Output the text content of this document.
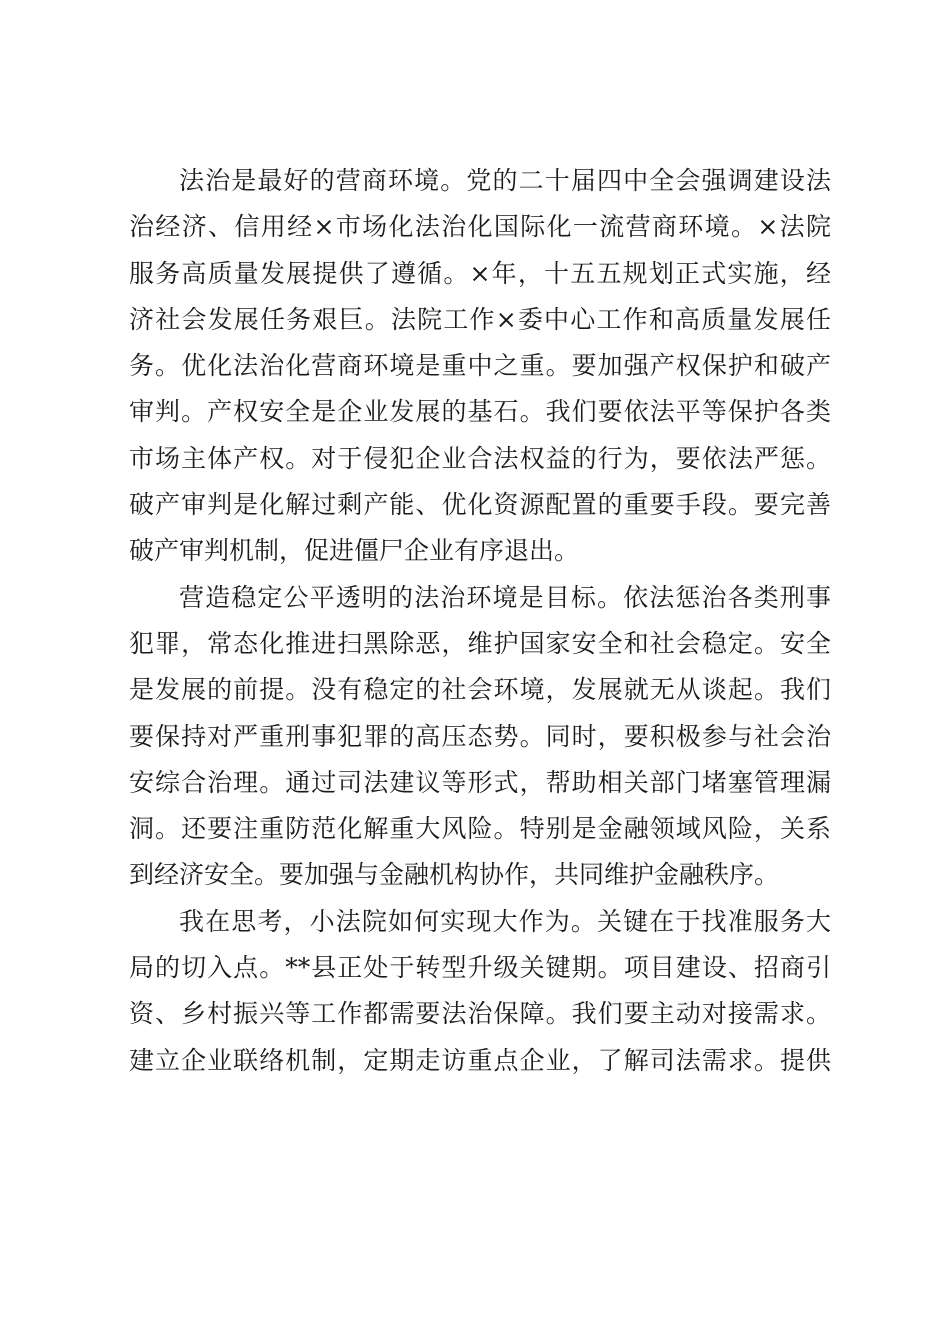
法治是最好的营商环境。党的二十届四中全会强调建设法
治经济、信用经×市场化法治化国际化一流营商环境。×法院
服务高质量发展提供了遵循。×年，十五五规划正式实施，经
济社会发展任务艰巨。法院工作×委中心工作和高质量发展任
务。优化法治化营商环境是重中之重。要加强产权保护和破产
审判。产权安全是企业发展的基石。我们要依法平等保护各类
市场主体产权。对于侵犯企业合法权益的行为，要依法严惩。
破产审判是化解过剩产能、优化资源配置的重要手段。要完善
破产审判机制，促进僵尸企业有序退出。
营造稳定公平透明的法治环境是目标。依法惩治各类刑事
犯罪，常态化推进扫黑除恶，维护国家安全和社会稳定。安全
是发展的前提。没有稳定的社会环境，发展就无从谈起。我们
要保持对严重刑事犯罪的高压态势。同时，要积极参与社会治
安综合治理。通过司法建议等形式，帮助相关部门堵塞管理漏
洞。还要注重防范化解重大风险。特别是金融领域风险，关系
到经济安全。要加强与金融机构协作，共同维护金融秩序。
我在思考，小法院如何实现大作为。关键在于找准服务大
局的切入点。**县正处于转型升级关键期。项目建设、招商引
资、乡村振兴等工作都需要法治保障。我们要主动对接需求。
建立企业联络机制，定期走访重点企业，了解司法需求。提供
